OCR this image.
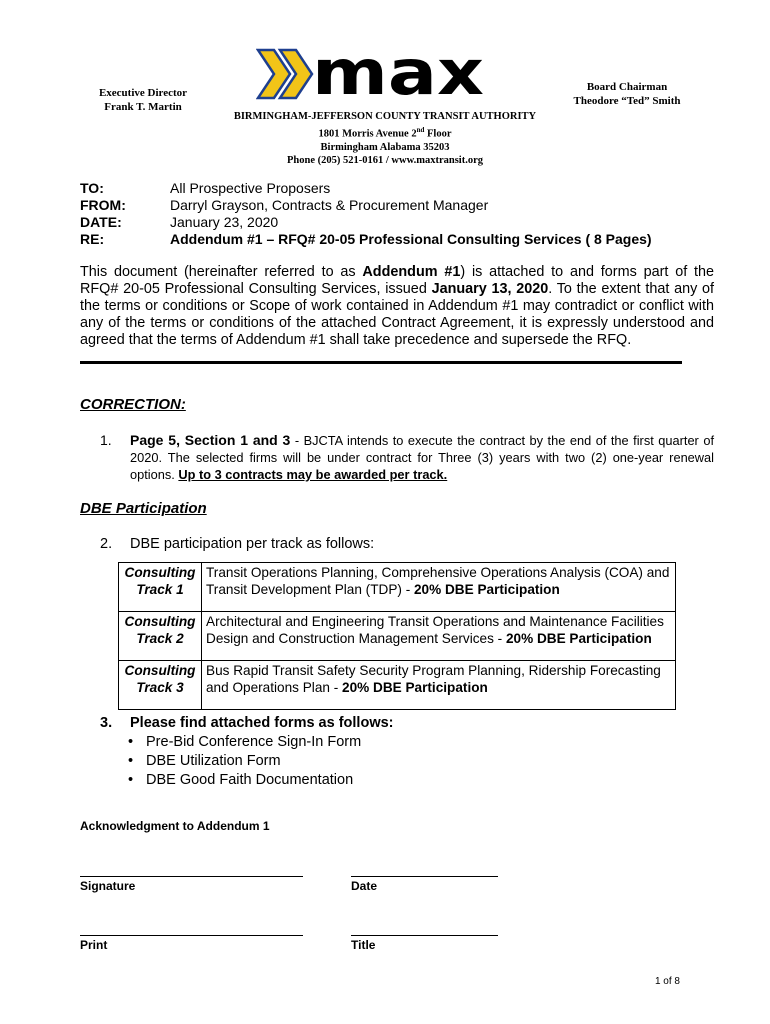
Executive Director
Frank T. Martin max	Board Chairman
Theodore “Ted” Smith
BIRMINGHAM-JEFFERSON COUNTY TRANSIT AUTHORITY
1801 Morris Avenue 2nd Floor
Birmingham Alabama 35203
Phone (205) 521-0161 / www.maxtransit.org
TO:	All Prospective Proposers
FROM:	Darryl Grayson, Contracts & Procurement Manager
DATE:	January 23, 2020
RE:	Addendum #1 – RFQ# 20-05 Professional Consulting Services ( 8 Pages)
This document (hereinafter referred to as Addendum #1) is attached to and forms part of the RFQ# 20-05 Professional Consulting Services, issued January 13, 2020. To the extent that any of the terms or conditions or Scope of work contained in Addendum #1 may contradict or conflict with any of the terms or conditions of the attached Contract Agreement, it is expressly understood and agreed that the terms of Addendum #1 shall take precedence and supersede the RFQ.
CORRECTION:
1. Page 5, Section 1 and 3 - BJCTA intends to execute the contract by the end of the first quarter of 2020. The selected firms will be under contract for Three (3) years with two (2) one-year renewal options. Up to 3 contracts may be awarded per track.
DBE Participation
2. DBE participation per track as follows:
Consulting
Track 1	Transit Operations Planning, Comprehensive Operations Analysis (COA) and Transit Development Plan (TDP) - 20% DBE Participation

Consulting
Track 2	Architectural and Engineering Transit Operations and Maintenance Facilities Design and Construction Management Services - 20% DBE Participation

Consulting
Track 3	Bus Rapid Transit Safety Security Program Planning, Ridership Forecasting and Operations Plan - 20% DBE Participation
3. Please find attached forms as follows:
• Pre-Bid Conference Sign-In Form
• DBE Utilization Form
• DBE Good Faith Documentation
Acknowledgment to Addendum 1
Signature	Date
Print	Title
1 of 8
